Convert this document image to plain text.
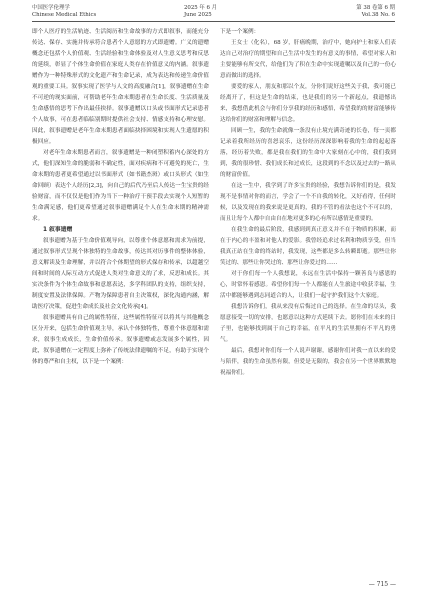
中国医学伦理学
Chinese Medical Ethics
2025 年 6 月
June 2025
第 38 卷第 6 期
Vol.38 No. 6

即个人医疗的生活轨迹、生活阅历和生命故事的方式即叙事，而能充分传达、保存、实施并传承符合患者个人意愿的方式即遗赠。广义的遗赠概念还包括个人价值观、生活经验和生命体验及对人生意义思考和反思的延续，彰显了个体生命价值在家庭人类存在价值意义的内涵。叙事遗赠作为一种特殊形式的文化遗产和生命记录，成为表达和传递生命价值观的重要工具。叙事实现了医学与人文的高度融合[1]，叙事遗赠在生命不可逆的现实面前，可帮助老年生命末期患者在生命长度、生活质量及生命感悟的思考下作出最佳抉择。叙事遗赠以口头或书面形式记录患者个人故事，可在患者临临别期时提供社会支持、情感支持和心理安慰。因此，叙事遗赠是老年生命末期患者面临抉择困境和实现人生遗愿的积极回应。

对老年生命末期患者而言，叙事遗赠是一种闭塑积蓄内心深处的方式，他们深知生命的脆弱和不确定性，面对疾病和不可避免的死亡，生命末期的患者更希望通过以书面形式（如书籍杰斑）或口头形式（如生命回顾）表达个人经历[2,3]，向自己的后代乃至后人传达一生宝贵的经验财富，而不仅仅是他们作为当下一种治疗干预手段去实现个人短暂的生命满足感，他们更希望通过叙事遗赠满足个人在生命末期的精神需求。

1 叙事遗赠

叙事遗赠为基于生命价值观导向，以尊重个体意愿和需求为前提，通过叙事形式呈现个体独特的生命故事，传达其对历事件的整体体验，意义解读及生命理解，并以符合个体期望的形式保存和传承，以超越空间和时间的人际互动方式促进人类对生命意义的了求，反思和成长。其实决条件为个体生命故事和意愿表达，多学科团队的支持，组织支持，制度安置及法律保障。产物为保障患者自主决策权，深化沟通内涵，解助医疗决策，促进生命成长及社会文化传承[4]。

叙事遗赠具有自己的属性特征，这些属性特征可以将其与其他概念区分开来，包括生命价值观主导，承认个体独特性，尊重个体意愿和需求，叙事生成成长，生命价值传承。叙事遗赠或志发展多个属性，因此，叙事遗赠在一定程度上弥补了传统法律遗嘱的不足，有助于实现个体的尊严和自主权，以下是一个案例：

下是一个案例：

王女士（化名），68 岁，肝癌晚期，治疗中，她向护士和家人们表达自己对治疗的期望和自己生活中发生的有意义的事情，希望对家人和主要能够有所交代，给他们为了积在生命中实现遗嘱以及自己的一份心意而做出的选择。

要爱的家人，朋友和那以个友，分你们说好这些关于我，我可能已经离开了，但这是生命的结束，也是我们的另一个新起点，我遗憾出来，我想借此机会与你们分享我的经历和感悟，希望我的的财富能够传达给你们的财富和理解与信念。

回顾一生，我的生命就像一条没有止境充满奇迹的长卷，每一页都记录着我所经历的喜怒哀乐，这份经历深深影响着我的生命的起起落落，经历着失败，都是我在我们的生命中大家刻在心中的，我们我到到，我的很珍惜、我们成长和过成长，这段到的不念以及过去的一路从的财富价值。

在这一生中，我学到了许多宝贵的经验，我想告诉你们的是，我发现不是事情对你的而言，学会了一个不自我的转化，又好看得，任何时候，以及发现在的我来说是更真的，我的不管的看法也这个不可以的，而且让每个人都中自由自在地对更多的心有所以感情是重要的。

在我生命的最后阶段，我感到到真正意义并不在于物质的积累，而在于内心的丰盈和对他人的爱影。我曾经追求过名利和物质享受，但当我真正站在生命的终站时，我发现，这些都是多么转瞬即逝。那些让你笑过的、那些让你哭过的、那些让你爱过的……

对于你们每一个人我想说，永远在生活中保持一颗善良与感恩的心，时常怀着感恩。希望你们每一个人都能在人生旅途中收获幸福，生活中都能够遇到志同道合的人，让我们一起守护我们这个大家庭。

我想告诉你们，我从来没有后悔过自己的选择。在生命的尽头，我愿意接受一切的安排，也愿意以这种方式延续下去。愿你们在未来的日子里，也能够找到属于自己的幸福，在平凡的生活里拥有不平凡的勇气。

最后，我想对你们每一个人说声谢谢，感谢你们对我一直以来的爱与陪伴，我的生命虽然有限，但爱是无限的，我会在另一个世界默默地祝福你们。

— 715 —
